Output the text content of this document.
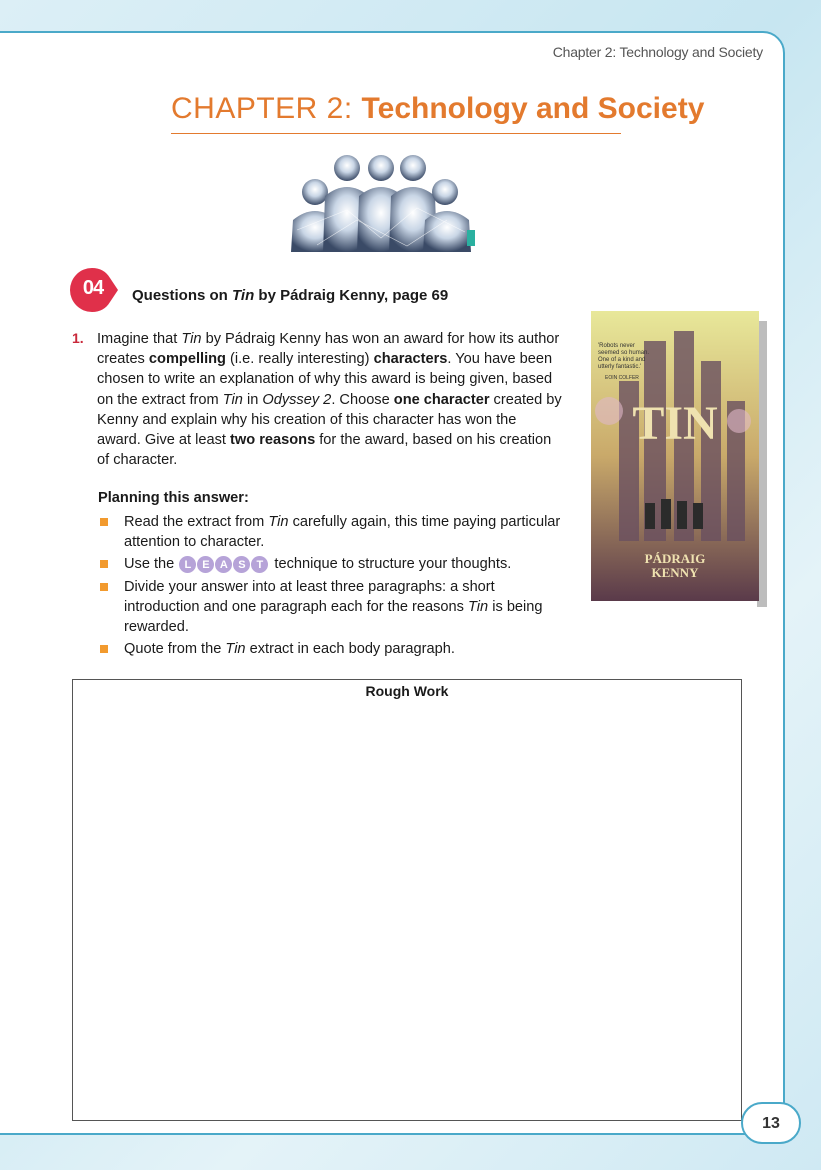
Chapter 2: Technology and Society
CHAPTER 2: Technology and Society
04	Questions on Tin by Pádraig Kenny, page 69
1. Imagine that Tin by Pádraig Kenny has won an award for how its author creates compelling (i.e. really interesting) characters. You have been chosen to write an explanation of why this award is being given, based on the extract from Tin in Odyssey 2. Choose one character created by Kenny and explain why his creation of this character has won the award. Give at least two reasons for the award, based on his creation of character.
Planning this answer:
Read the extract from Tin carefully again, this time paying particular attention to character.
Use the L E A S T technique to structure your thoughts.
Divide your answer into at least three paragraphs: a short introduction and one paragraph each for the reasons Tin is being rewarded.
Quote from the Tin extract in each body paragraph.
TIN
'Robots never seemed so human. One of a kind and utterly fantastic.'
EOIN COLFER
PÁDRAIG
KENNY
Rough Work
13
